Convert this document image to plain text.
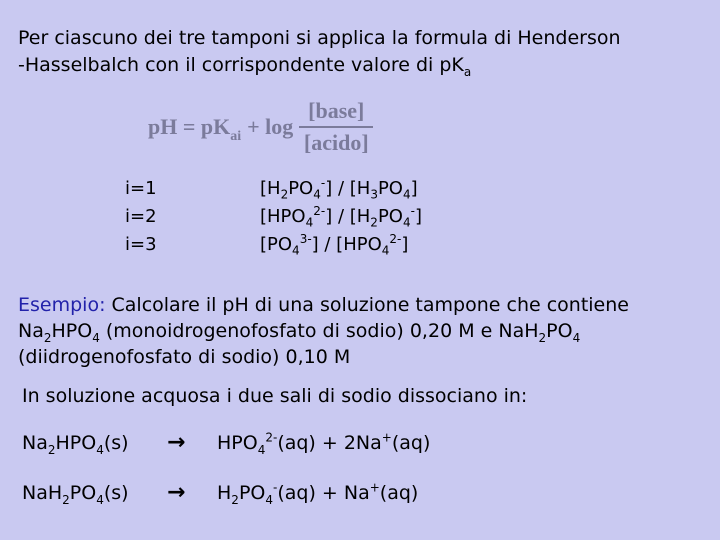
Per ciascuno dei tre tamponi si applica la formula di Henderson
-Hasselbalch con il corrispondente valore di $pK_a$
pH = pK ai + $\log \frac{\text{[base]}}{\text{[acido]}}$
i=1	$[H_2PO_4^-] / [H_3PO_4]$
i=2	$[HPO_4^{2-}] / [H_2PO_4^-]$
i=3	$[PO_4^{3-}] / [HPO_4^{2-}]$
Esempio: Calcolare il pH di una soluzione tampone che contiene
$Na_2HPO_4$ (monoidrogenofosfato di sodio) 0,20 M e $NaH_2PO_4$
(diidrogenofosfato di sodio) 0,10 M
In soluzione acquosa i due sali di sodio dissociano in:
$Na_2HPO_4(s)$	→	$HPO_4^{2-}(aq) + 2Na^+(aq)$
$NaH_2PO_4(s)$	→	$H_2PO_4^-(aq) + Na^+(aq)$
